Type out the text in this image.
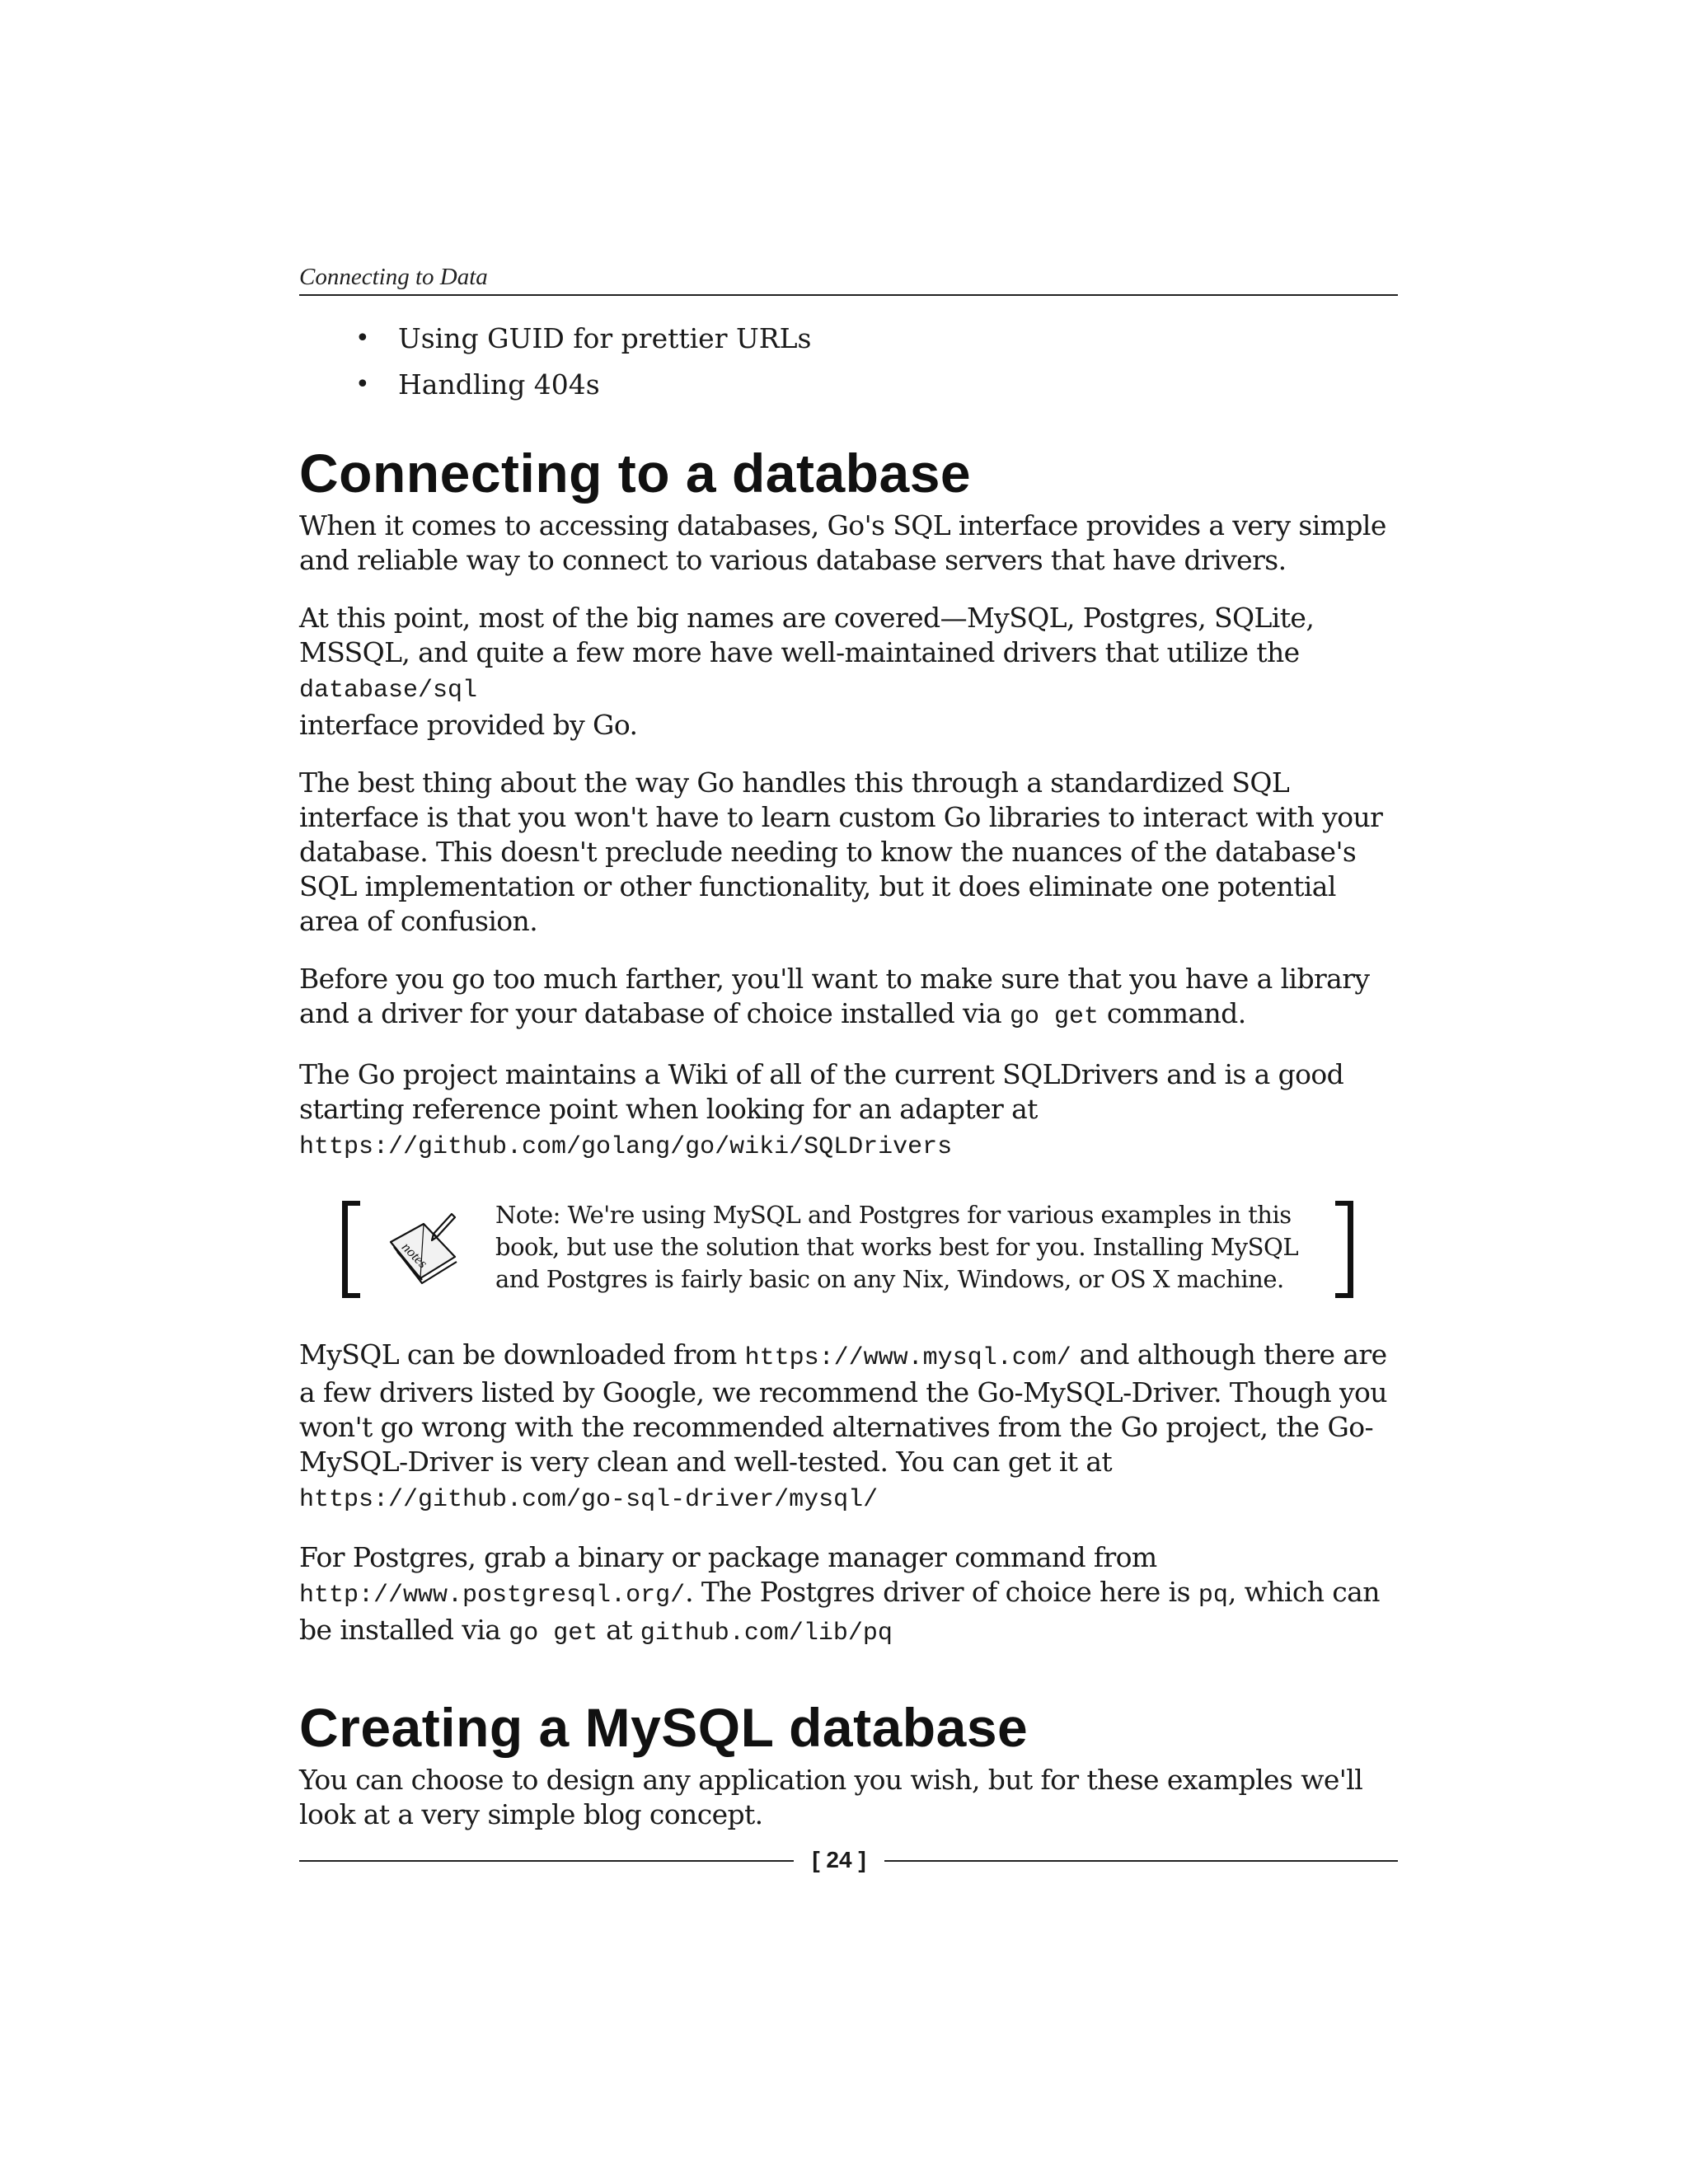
Connecting to Data
• Using GUID for prettier URLs
• Handling 404s
Connecting to a database

When it comes to accessing databases, Go's SQL interface provides a very simple and reliable way to connect to various database servers that have drivers.

At this point, most of the big names are covered—MySQL, Postgres, SQLite, MSSQL, and quite a few more have well-maintained drivers that utilize the database/sql
interface provided by Go.

The best thing about the way Go handles this through a standardized SQL interface is that you won't have to learn custom Go libraries to interact with your database. This doesn't preclude needing to know the nuances of the database's SQL implementation or other functionality, but it does eliminate one potential area of confusion.

Before you go too much farther, you'll want to make sure that you have a library and a driver for your database of choice installed via go get command.

The Go project maintains a Wiki of all of the current SQLDrivers and is a good starting reference point when looking for an adapter at https://github.com/golang/go/wiki/SQLDrivers

notes
Note: We're using MySQL and Postgres for various examples in this book, but use the solution that works best for you. Installing MySQL and Postgres is fairly basic on any Nix, Windows, or OS X machine.

MySQL can be downloaded from https://www.mysql.com/ and although there are a few drivers listed by Google, we recommend the Go-MySQL-Driver. Though you won't go wrong with the recommended alternatives from the Go project, the Go-MySQL-Driver is very clean and well-tested. You can get it at https://github.com/go-sql-driver/mysql/

For Postgres, grab a binary or package manager command from http://www.postgresql.org/. The Postgres driver of choice here is pq, which can be installed via go get at github.com/lib/pq

Creating a MySQL database

You can choose to design any application you wish, but for these examples we'll look at a very simple blog concept.

[ 24 ]
